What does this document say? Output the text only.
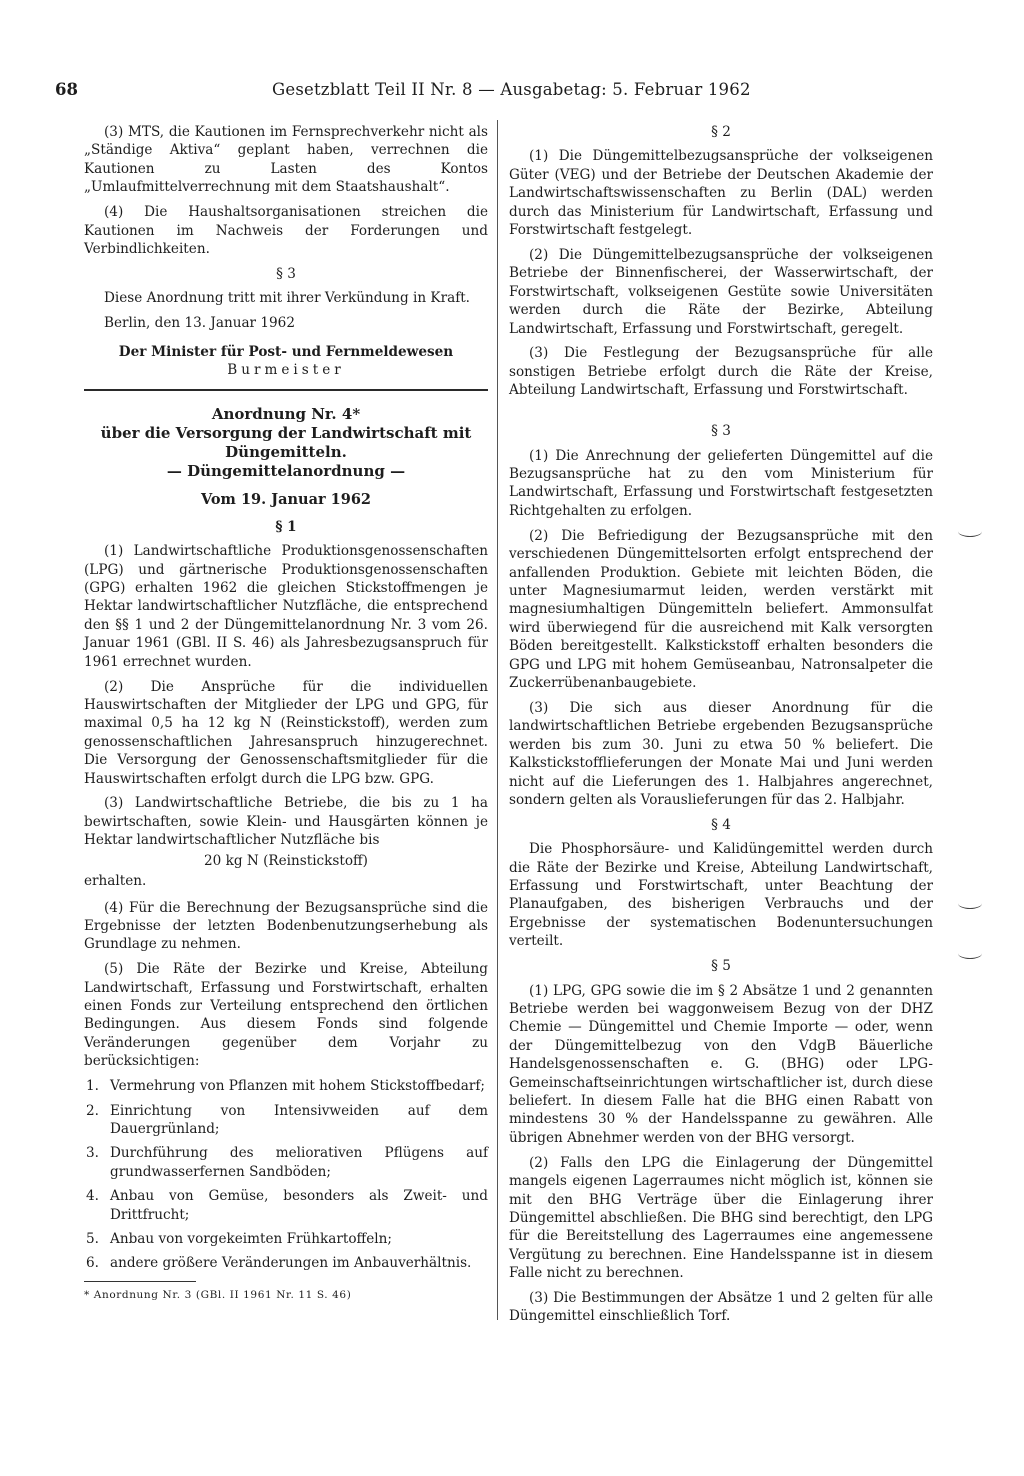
68	Gesetzblatt Teil II Nr. 8 — Ausgabetag: 5. Februar 1962

(3) MTS, die Kautionen im Fernsprechverkehr nicht als „Ständige Aktiva“ geplant haben, verrechnen die Kautionen zu Lasten des Kontos „Umlaufmittelverrechnung mit dem Staatshaushalt“.

(4) Die Haushaltsorganisationen streichen die Kautionen im Nachweis der Forderungen und Verbindlichkeiten.

§ 3

Diese Anordnung tritt mit ihrer Verkündung in Kraft.

Berlin, den 13. Januar 1962

Der Minister für Post- und Fernmeldewesen
Burmeister
Anordnung Nr. 4*
über die Versorgung der Landwirtschaft mit
Düngemitteln.
— Düngemittelanordnung —
Vom 19. Januar 1962
§ 1

(1) Landwirtschaftliche Produktionsgenossenschaften (LPG) und gärtnerische Produktionsgenossenschaften (GPG) erhalten 1962 die gleichen Stickstoffmengen je Hektar landwirtschaftlicher Nutzfläche, die entsprechend den §§ 1 und 2 der Düngemittelanordnung Nr. 3 vom 26. Januar 1961 (GBl. II S. 46) als Jahresbezugsanspruch für 1961 errechnet wurden.

(2) Die Ansprüche für die individuellen Hauswirtschaften der Mitglieder der LPG und GPG, für maximal 0,5 ha 12 kg N (Reinstickstoff), werden zum genossenschaftlichen Jahresanspruch hinzugerechnet. Die Versorgung der Genossenschaftsmitglieder für die Hauswirtschaften erfolgt durch die LPG bzw. GPG.

(3) Landwirtschaftliche Betriebe, die bis zu 1 ha bewirtschaften, sowie Klein- und Hausgärten können je Hektar landwirtschaftlicher Nutzfläche bis

20 kg N (Reinstickstoff)

erhalten.

(4) Für die Berechnung der Bezugsansprüche sind die Ergebnisse der letzten Bodenbenutzungserhebung als Grundlage zu nehmen.

(5) Die Räte der Bezirke und Kreise, Abteilung Landwirtschaft, Erfassung und Forstwirtschaft, erhalten einen Fonds zur Verteilung entsprechend den örtlichen Bedingungen. Aus diesem Fonds sind folgende Veränderungen gegenüber dem Vorjahr zu berücksichtigen:

1. Vermehrung von Pflanzen mit hohem Stickstoffbedarf;
2. Einrichtung von Intensivweiden auf dem Dauergrünland;
3. Durchführung des meliorativen Pflügens auf grundwasserfernen Sandböden;
4. Anbau von Gemüse, besonders als Zweit- und Drittfrucht;
5. Anbau von vorgekeimten Frühkartoffeln;
6. andere größere Veränderungen im Anbauverhältnis.
* Anordnung Nr. 3 (GBl. II 1961 Nr. 11 S. 46)
§ 2

(1) Die Düngemittelbezugsansprüche der volkseigenen Güter (VEG) und der Betriebe der Deutschen Akademie der Landwirtschaftswissenschaften zu Berlin (DAL) werden durch das Ministerium für Landwirtschaft, Erfassung und Forstwirtschaft festgelegt.

(2) Die Düngemittelbezugsansprüche der volkseigenen Betriebe der Binnenfischerei, der Wasserwirtschaft, der Forstwirtschaft, volkseigenen Gestüte sowie Universitäten werden durch die Räte der Bezirke, Abteilung Landwirtschaft, Erfassung und Forstwirtschaft, geregelt.

(3) Die Festlegung der Bezugsansprüche für alle sonstigen Betriebe erfolgt durch die Räte der Kreise, Abteilung Landwirtschaft, Erfassung und Forstwirtschaft.

§ 3

(1) Die Anrechnung der gelieferten Düngemittel auf die Bezugsansprüche hat zu den vom Ministerium für Landwirtschaft, Erfassung und Forstwirtschaft festgesetzten Richtgehalten zu erfolgen.

(2) Die Befriedigung der Bezugsansprüche mit den verschiedenen Düngemittelsorten erfolgt entsprechend der anfallenden Produktion. Gebiete mit leichten Böden, die unter Magnesiumarmut leiden, werden verstärkt mit magnesiumhaltigen Düngemitteln beliefert. Ammonsulfat wird überwiegend für die ausreichend mit Kalk versorgten Böden bereitgestellt. Kalkstickstoff erhalten besonders die GPG und LPG mit hohem Gemüseanbau, Natronsalpeter die Zuckerrübenanbaugebiete.

(3) Die sich aus dieser Anordnung für die landwirtschaftlichen Betriebe ergebenden Bezugsansprüche werden bis zum 30. Juni zu etwa 50 % beliefert. Die Kalkstickstofflieferungen der Monate Mai und Juni werden nicht auf die Lieferungen des 1. Halbjahres angerechnet, sondern gelten als Vorauslieferungen für das 2. Halbjahr.

§ 4

Die Phosphorsäure- und Kalidüngemittel werden durch die Räte der Bezirke und Kreise, Abteilung Landwirtschaft, Erfassung und Forstwirtschaft, unter Beachtung der Planaufgaben, des bisherigen Verbrauchs und der Ergebnisse der systematischen Bodenuntersuchungen verteilt.

§ 5

(1) LPG, GPG sowie die im § 2 Absätze 1 und 2 genannten Betriebe werden bei waggonweisem Bezug von der DHZ Chemie — Düngemittel und Chemie Importe — oder, wenn der Düngemittelbezug von den VdgB Bäuerliche Handelsgenossenschaften e. G. (BHG) oder LPG-Gemeinschaftseinrichtungen wirtschaftlicher ist, durch diese beliefert. In diesem Falle hat die BHG einen Rabatt von mindestens 30 % der Handelsspanne zu gewähren. Alle übrigen Abnehmer werden von der BHG versorgt.

(2) Falls den LPG die Einlagerung der Düngemittel mangels eigenen Lagerraumes nicht möglich ist, können sie mit den BHG Verträge über die Einlagerung ihrer Düngemittel abschließen. Die BHG sind berechtigt, den LPG für die Bereitstellung des Lagerraumes eine angemessene Vergütung zu berechnen. Eine Handelsspanne ist in diesem Falle nicht zu berechnen.

(3) Die Bestimmungen der Absätze 1 und 2 gelten für alle Düngemittel einschließlich Torf.
